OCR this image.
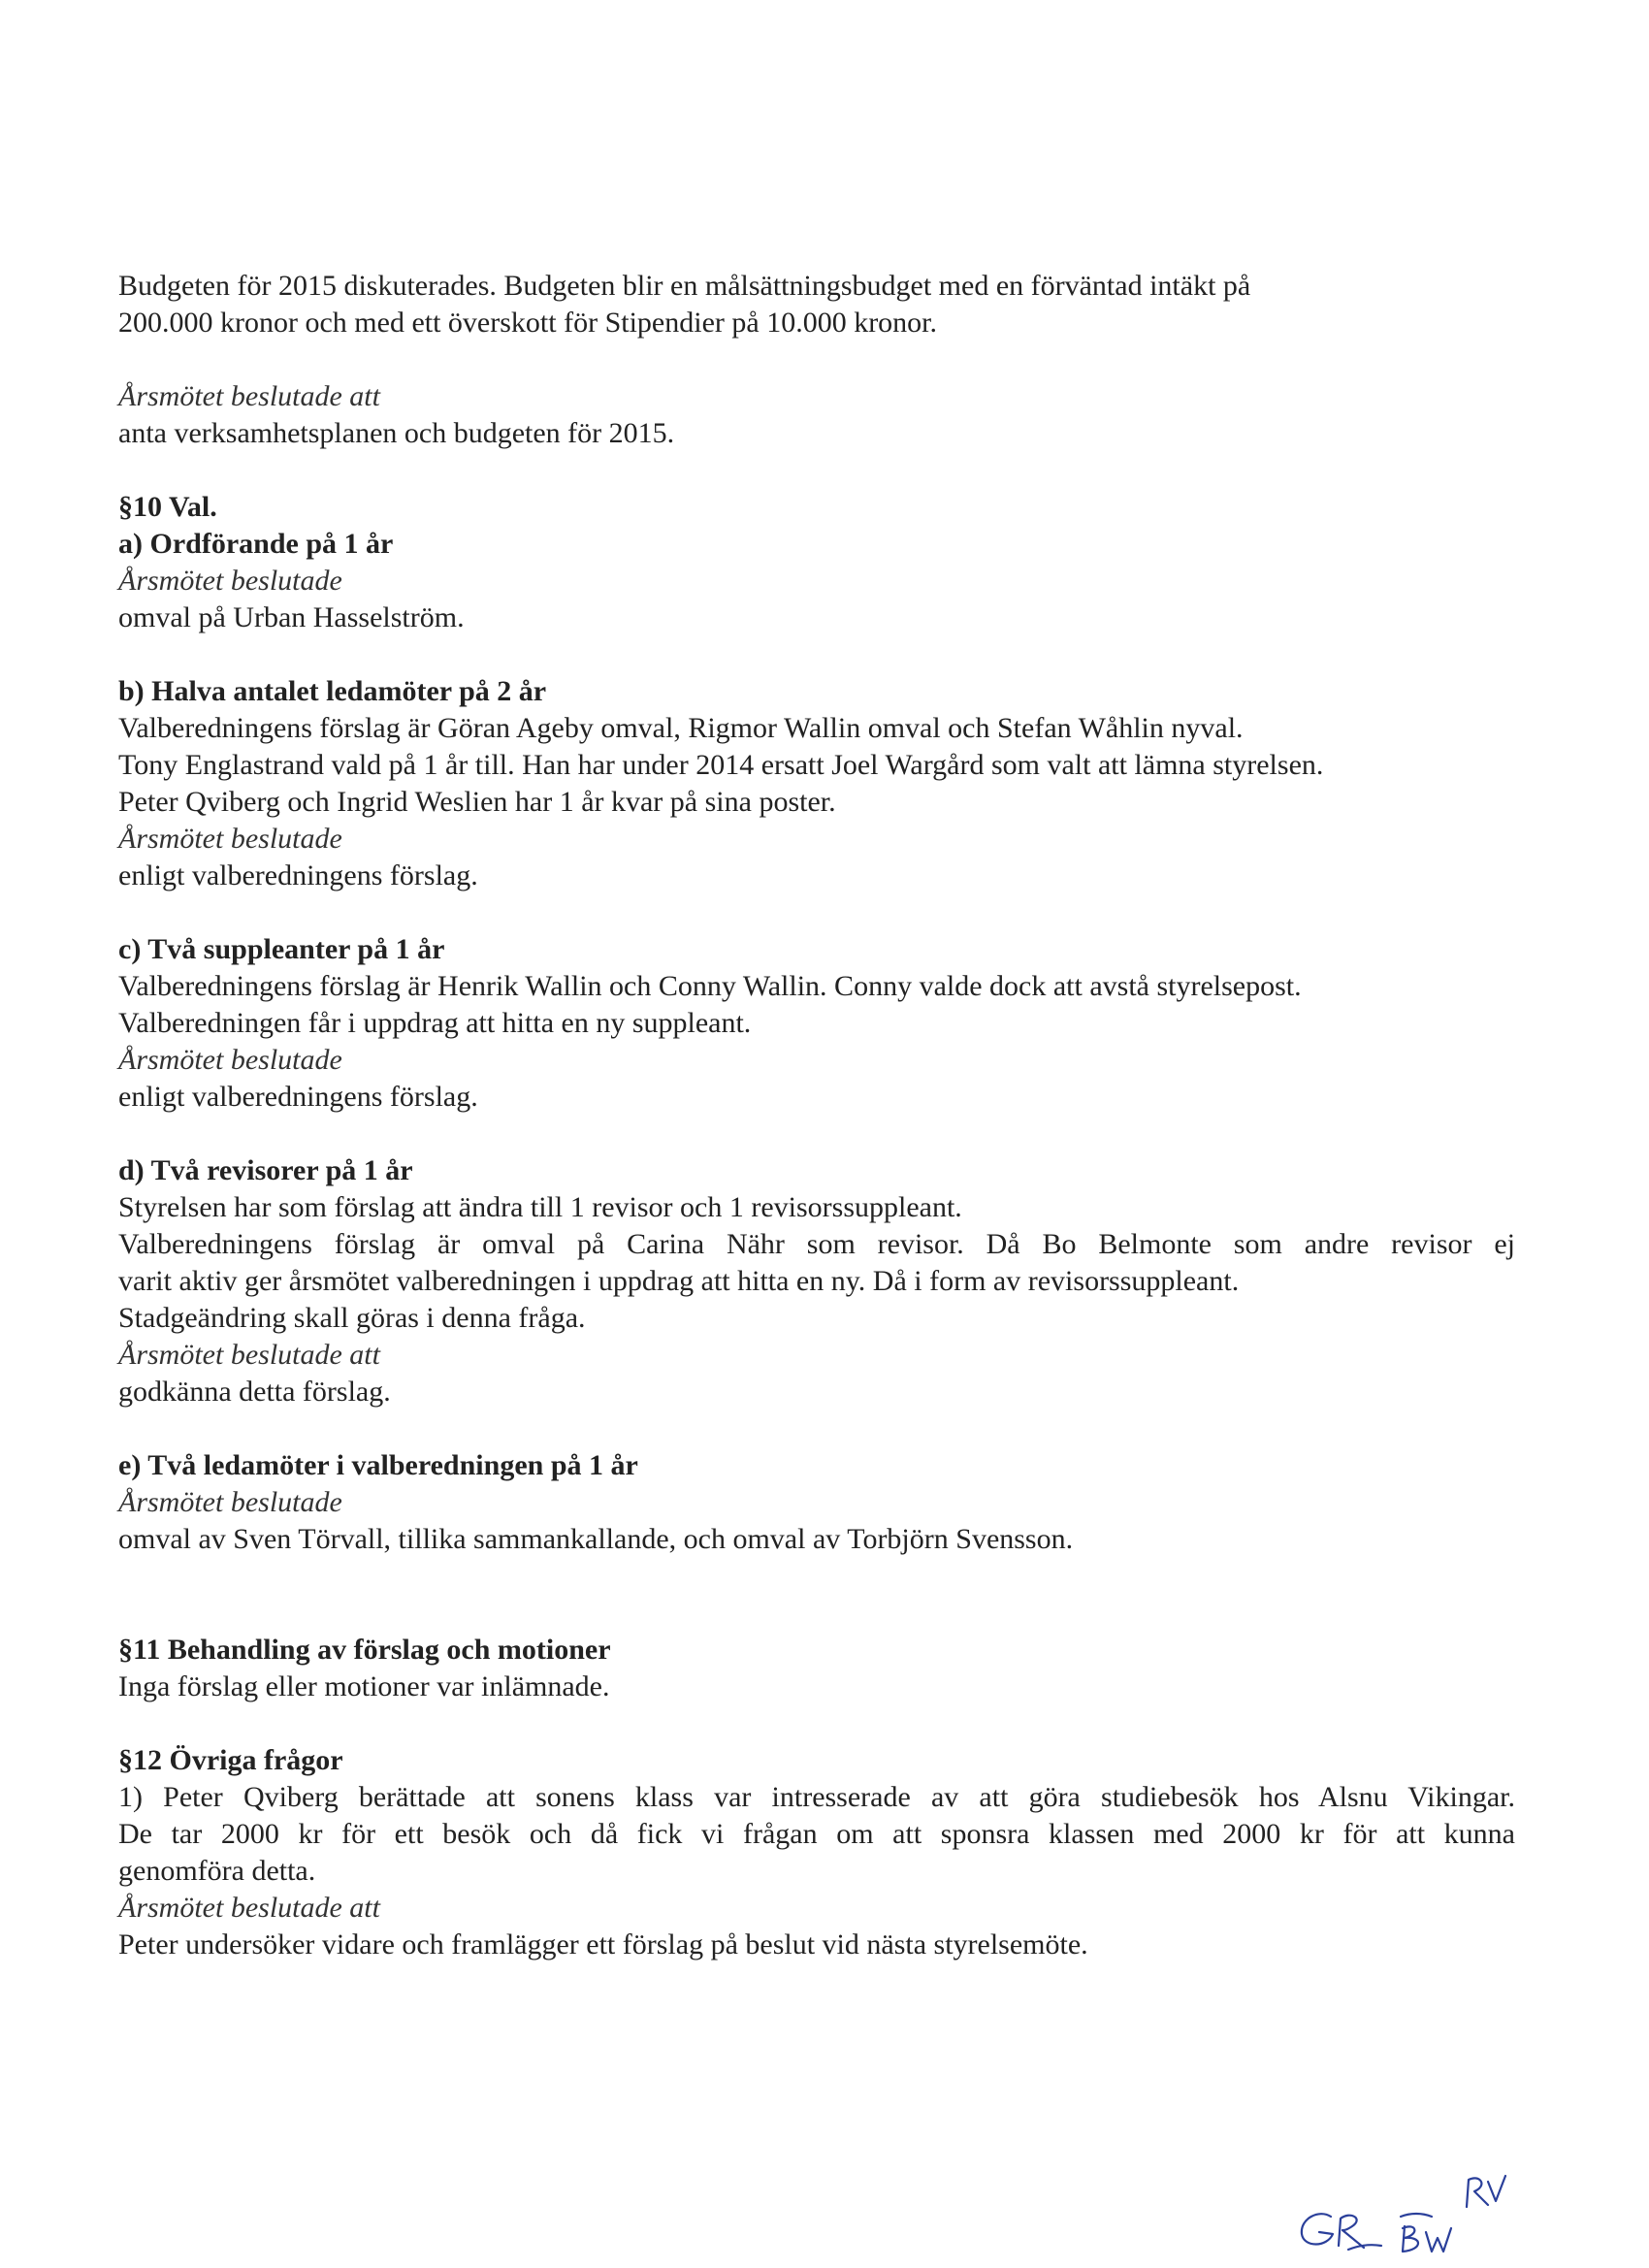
Budgeten för 2015 diskuterades. Budgeten blir en målsättningsbudget med en förväntad intäkt på
200.000 kronor och med ett överskott för Stipendier på 10.000 kronor.
Årsmötet beslutade att
anta verksamhetsplanen och budgeten för 2015.
§10 Val.
a) Ordförande på 1 år
Årsmötet beslutade
omval på Urban Hasselström.
b) Halva antalet ledamöter på 2 år
Valberedningens förslag är Göran Ageby omval, Rigmor Wallin omval och Stefan Wåhlin nyval.
Tony Englastrand vald på 1 år till. Han har under 2014 ersatt Joel Wargård som valt att lämna styrelsen.
Peter Qviberg och Ingrid Weslien har 1 år kvar på sina poster.
Årsmötet beslutade
enligt valberedningens förslag.
c) Två suppleanter på 1 år
Valberedningens förslag är Henrik Wallin och Conny Wallin. Conny valde dock att avstå styrelsepost.
Valberedningen får i uppdrag att hitta en ny suppleant.
Årsmötet beslutade
enligt valberedningens förslag.
d) Två revisorer på 1 år
Styrelsen har som förslag att ändra till 1 revisor och 1 revisorssuppleant.
Valberedningens förslag är omval på Carina Nähr som revisor. Då Bo Belmonte som andre revisor ej
varit aktiv ger årsmötet valberedningen i uppdrag att hitta en ny. Då i form av revisorssuppleant.
Stadgeändring skall göras i denna fråga.
Årsmötet beslutade att
godkänna detta förslag.
e) Två ledamöter i valberedningen på 1 år
Årsmötet beslutade
omval av Sven Törvall, tillika sammankallande, och omval av Torbjörn Svensson.
§11 Behandling av förslag och motioner
Inga förslag eller motioner var inlämnade.
§12 Övriga frågor
1) Peter Qviberg berättade att sonens klass var intresserade av att göra studiebesök hos Alsnu Vikingar.
De tar 2000 kr för ett besök och då fick vi frågan om att sponsra klassen med 2000 kr för att kunna
genomföra detta.
Årsmötet beslutade att
Peter undersöker vidare och framlägger ett förslag på beslut vid nästa styrelsemöte.
